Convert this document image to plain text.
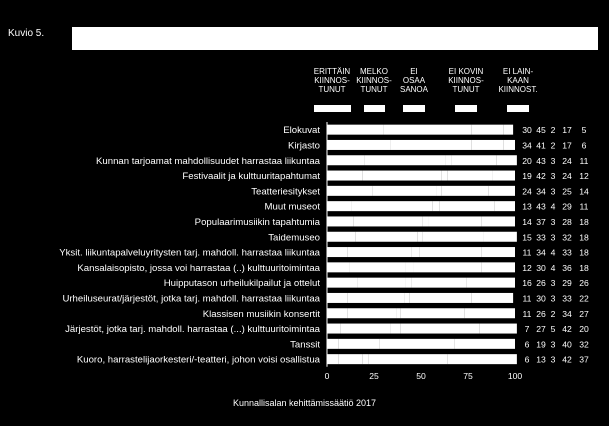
Kuvio 5.
ERITTÄIN
KIINNOS-
TUNUT
MELKO
KIINNOS-
TUNUT
EI
OSAA
SANOA
EI KOVIN
KIINNOS-
TUNUT
EI LAIN-
KAAN
KIINNOST.
Elokuvat	30 45 2 17 5
Kirjasto	34 41 2 17 6
Kunnan tarjoamat mahdollisuudet harrastaa liikuntaa	20 43 3 24 11
Festivaalit ja kulttuuritapahtumat	19 42 3 24 12
Teatteriesitykset	24 34 3 25 14
Muut museot	13 43 4 29 11
Populaarimusiikin tapahtumia	14 37 3 28 18
Taidemuseo	15 33 3 32 18
Yksit. liikuntapalveluyritysten tarj. mahdoll. harrastaa liikuntaa	11 34 4 33 18
Kansalaisopisto, jossa voi harrastaa (..) kulttuuritoimintaa	12 30 4 36 18
Huipputason urheilukilpailut ja ottelut	16 26 3 29 26
Urheiluseurat/järjestöt, jotka tarj. mahdoll. harrastaa liikuntaa	11 30 3 33 22
Klassisen musiikin konsertit	11 26 2 34 27
Järjestöt, jotka tarj. mahdoll. harrastaa (...) kulttuuritoimintaa	7 27 5 42 20
Tanssit	6 19 3 40 32
Kuoro, harrastelijaorkesteri/-teatteri, johon voisi osallistua	6 13 3 42 37
0	25	50	75	100
Kunnallisalan kehittämissäätiö 2017
